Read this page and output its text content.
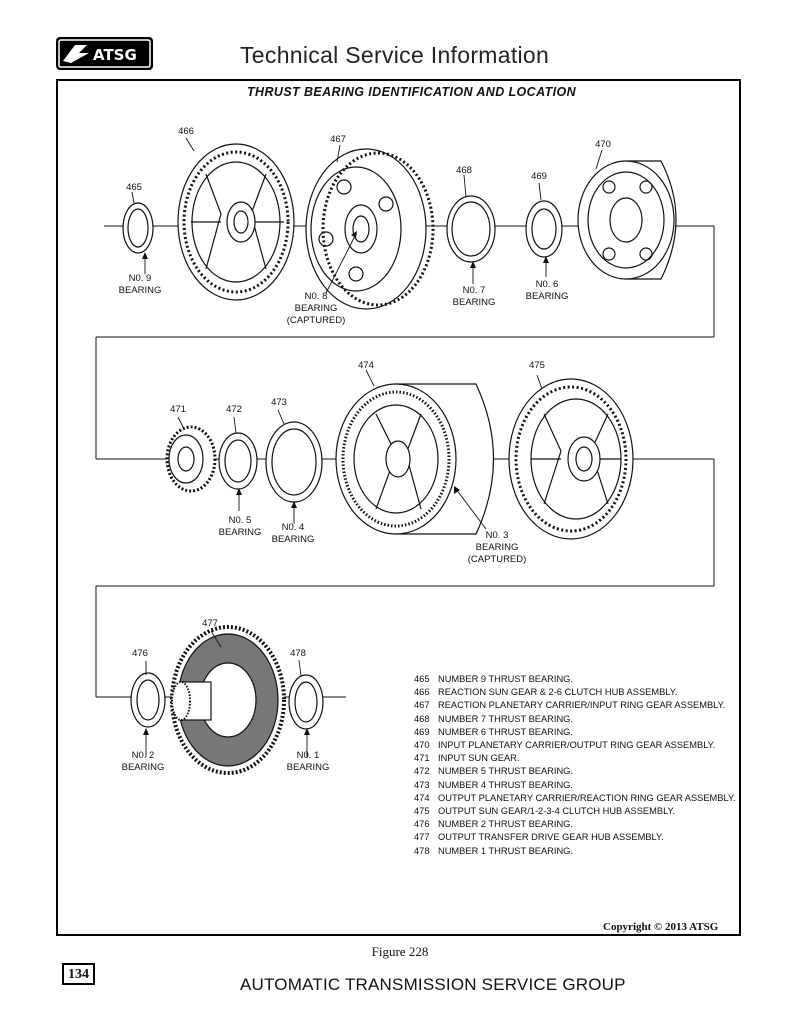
ATSG	Technical Service Information
THRUST BEARING IDENTIFICATION AND LOCATION
465
466
467
468
469
470
471	472
473
474	475
476
477
478
N0. 9
BEARING
N0. 8
BEARING
(CAPTURED)
N0. 7
BEARING
N0. 6
BEARING
N0. 5
BEARING	N0. 4
BEARING	N0. 3
BEARING
(CAPTURED)
N0. 2
BEARING
N0. 1
BEARING
465 NUMBER 9 THRUST BEARING.
466 REACTION SUN GEAR & 2-6 CLUTCH HUB ASSEMBLY.
467 REACTION PLANETARY CARRIER/INPUT RING GEAR ASSEMBLY.
468 NUMBER 7 THRUST BEARING.
469 NUMBER 6 THRUST BEARING.
470 INPUT PLANETARY CARRIER/OUTPUT RING GEAR ASSEMBLY.
471 INPUT SUN GEAR.
472 NUMBER 5 THRUST BEARING.
473 NUMBER 4 THRUST BEARING.
474 OUTPUT PLANETARY CARRIER/REACTION RING GEAR ASSEMBLY.
475 OUTPUT SUN GEAR/1-2-3-4 CLUTCH HUB ASSEMBLY.
476 NUMBER 2 THRUST BEARING.
477 OUTPUT TRANSFER DRIVE GEAR HUB ASSEMBLY.
478 NUMBER 1 THRUST BEARING.
Copyright © 2013 ATSG
Figure 228
134
AUTOMATIC TRANSMISSION SERVICE GROUP
